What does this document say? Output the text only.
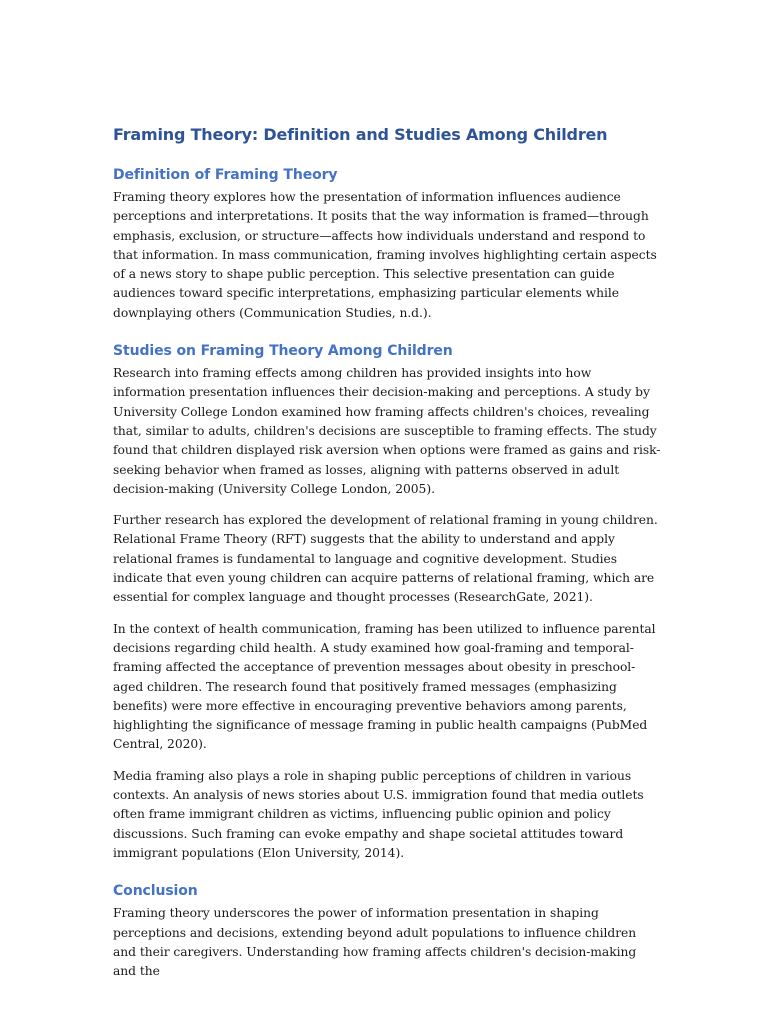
Framing Theory: Definition and Studies Among Children
Definition of Framing Theory

Framing theory explores how the presentation of information influences audience perceptions and interpretations. It posits that the way information is framed—through emphasis, exclusion, or structure—affects how individuals understand and respond to that information. In mass communication, framing involves highlighting certain aspects of a news story to shape public perception. This selective presentation can guide audiences toward specific interpretations, emphasizing particular elements while downplaying others (Communication Studies, n.d.).

Studies on Framing Theory Among Children

Research into framing effects among children has provided insights into how information presentation influences their decision-making and perceptions. A study by University College London examined how framing affects children's choices, revealing that, similar to adults, children's decisions are susceptible to framing effects. The study found that children displayed risk aversion when options were framed as gains and risk-seeking behavior when framed as losses, aligning with patterns observed in adult decision-making (University College London, 2005).

Further research has explored the development of relational framing in young children. Relational Frame Theory (RFT) suggests that the ability to understand and apply relational frames is fundamental to language and cognitive development. Studies indicate that even young children can acquire patterns of relational framing, which are essential for complex language and thought processes (ResearchGate, 2021).

In the context of health communication, framing has been utilized to influence parental decisions regarding child health. A study examined how goal-framing and temporal-framing affected the acceptance of prevention messages about obesity in preschool-aged children. The research found that positively framed messages (emphasizing benefits) were more effective in encouraging preventive behaviors among parents, highlighting the significance of message framing in public health campaigns (PubMed Central, 2020).

Media framing also plays a role in shaping public perceptions of children in various contexts. An analysis of news stories about U.S. immigration found that media outlets often frame immigrant children as victims, influencing public opinion and policy discussions. Such framing can evoke empathy and shape societal attitudes toward immigrant populations (Elon University, 2014).

Conclusion

Framing theory underscores the power of information presentation in shaping perceptions and decisions, extending beyond adult populations to influence children and their caregivers. Understanding how framing affects children's decision-making and the
